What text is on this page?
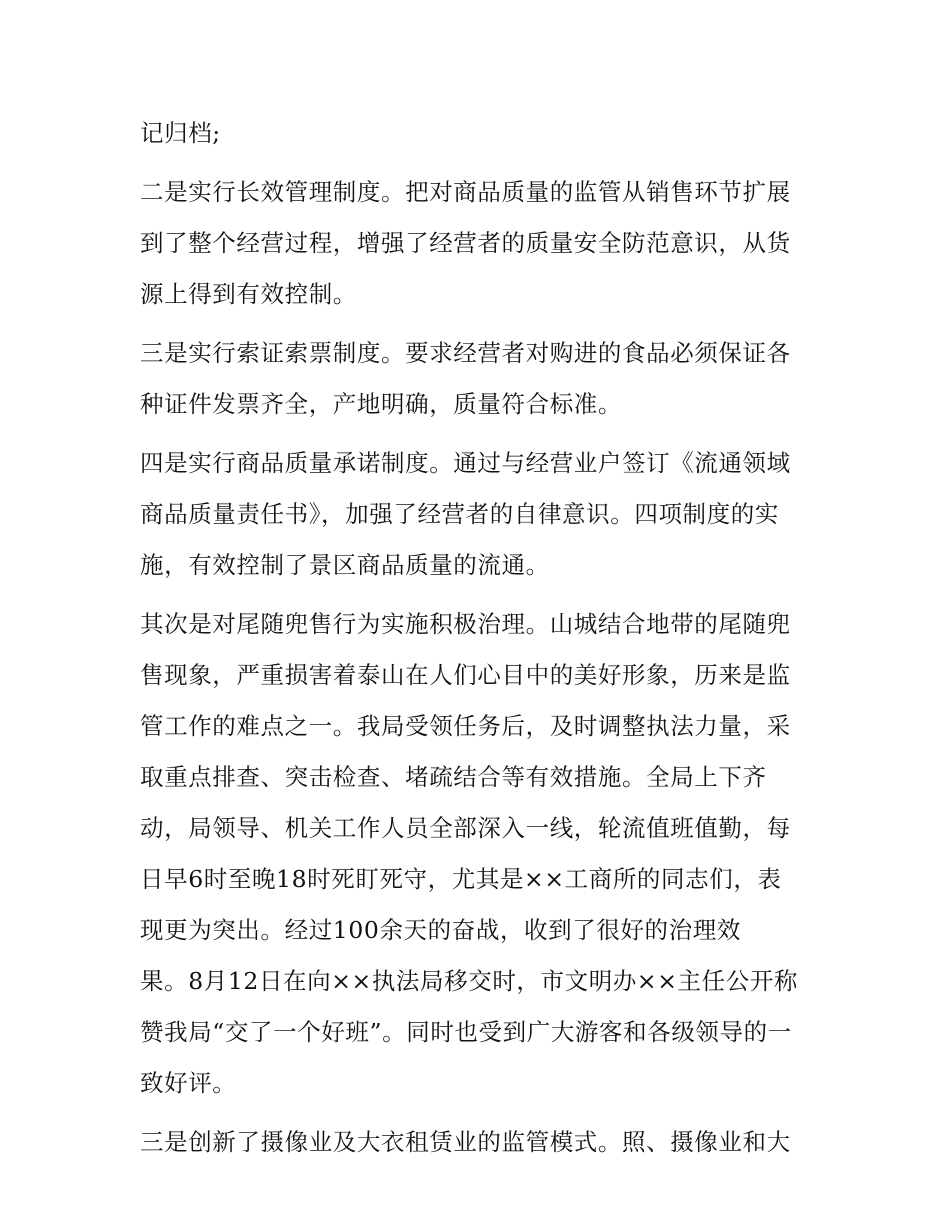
记归档;
二是实行长效管理制度。把对商品质量的监管从销售环节扩展
到了整个经营过程，增强了经营者的质量安全防范意识，从货
源上得到有效控制。
三是实行索证索票制度。要求经营者对购进的食品必须保证各
种证件发票齐全，产地明确，质量符合标准。
四是实行商品质量承诺制度。通过与经营业户签订《流通领域
商品质量责任书》，加强了经营者的自律意识。四项制度的实
施，有效控制了景区商品质量的流通。
其次是对尾随兜售行为实施积极治理。山城结合地带的尾随兜
售现象，严重损害着泰山在人们心目中的美好形象，历来是监
管工作的难点之一。我局受领任务后，及时调整执法力量，采
取重点排查、突击检查、堵疏结合等有效措施。全局上下齐
动，局领导、机关工作人员全部深入一线，轮流值班值勤，每
日早6时至晚18时死盯死守，尤其是××工商所的同志们，表
现更为突出。经过100余天的奋战，收到了很好的治理效
果。8月12日在向××执法局移交时，市文明办××主任公开称
赞我局“交了一个好班”。同时也受到广大游客和各级领导的一
致好评。
三是创新了摄像业及大衣租赁业的监管模式。照、摄像业和大
